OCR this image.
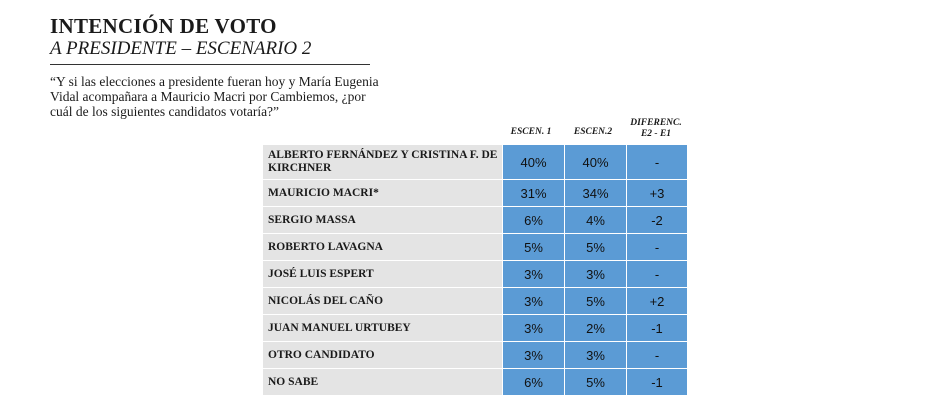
INTENCIÓN DE VOTO
A PRESIDENTE – ESCENARIO 2
“Y si las elecciones a presidente fueran hoy y María Eugenia Vidal acompañara a Mauricio Macri por Cambiemos, ¿por cuál de los siguientes candidatos votaría?”
ESCEN. 1	ESCEN.2
DIFERENC.
E2 - E1
ALBERTO FERNÁNDEZ Y CRISTINA F. DE KIRCHNER	40%	40%	-
MAURICIO MACRI*	31%	34%	+3
SERGIO MASSA	6%	4%	-2
ROBERTO LAVAGNA	5%	5%	-
JOSÉ LUIS ESPERT	3%	3%	-
NICOLÁS DEL CAÑO	3%	5%	+2
JUAN MANUEL URTUBEY	3%	2%	-1
OTRO CANDIDATO	3%	3%	-
NO SABE	6%	5%	-1
